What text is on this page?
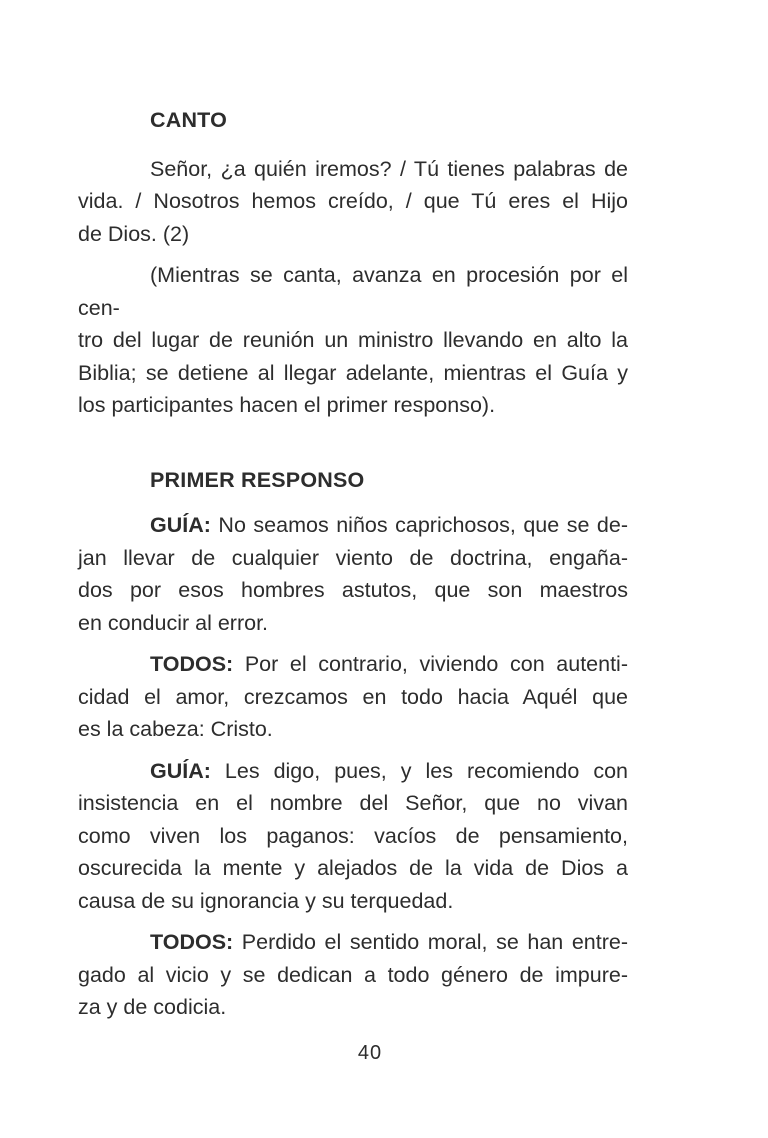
CANTO
Señor, ¿a quién iremos? / Tú tienes palabras de
vida. / Nosotros hemos creído, / que Tú eres el Hijo
de Dios. (2)
(Mientras se canta, avanza en procesión por el cen-
tro del lugar de reunión un ministro llevando en alto la
Biblia; se detiene al llegar adelante, mientras el Guía y
los participantes hacen el primer responso).
PRIMER RESPONSO
GUÍA: No seamos niños caprichosos, que se de-
jan llevar de cualquier viento de doctrina, engaña-
dos por esos hombres astutos, que son maestros
en conducir al error.
TODOS: Por el contrario, viviendo con autenti-
cidad el amor, crezcamos en todo hacia Aquél que
es la cabeza: Cristo.
GUÍA: Les digo, pues, y les recomiendo con
insistencia en el nombre del Señor, que no vivan
como viven los paganos: vacíos de pensamiento,
oscurecida la mente y alejados de la vida de Dios a
causa de su ignorancia y su terquedad.
TODOS: Perdido el sentido moral, se han entre-
gado al vicio y se dedican a todo género de impure-
za y de codicia.
40
